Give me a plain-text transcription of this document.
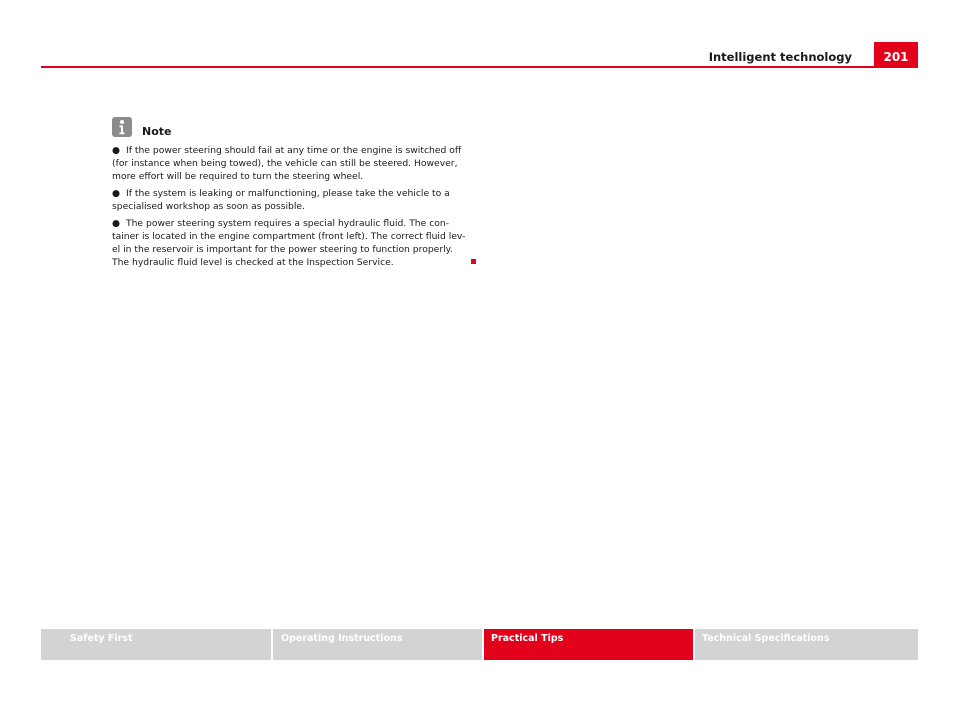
Intelligent technology	201
Note

● If the power steering should fail at any time or the engine is switched off (for instance when being towed), the vehicle can still be steered. However, more effort will be required to turn the steering wheel.

● If the system is leaking or malfunctioning, please take the vehicle to a specialised workshop as soon as possible.

● The power steering system requires a special hydraulic fluid. The con-tainer is located in the engine compartment (front left). The correct fluid lev-el in the reservoir is important for the power steering to function properly. The hydraulic fluid level is checked at the Inspection Service.

Safety First	Operating Instructions	Practical Tips	Technical Specifications
